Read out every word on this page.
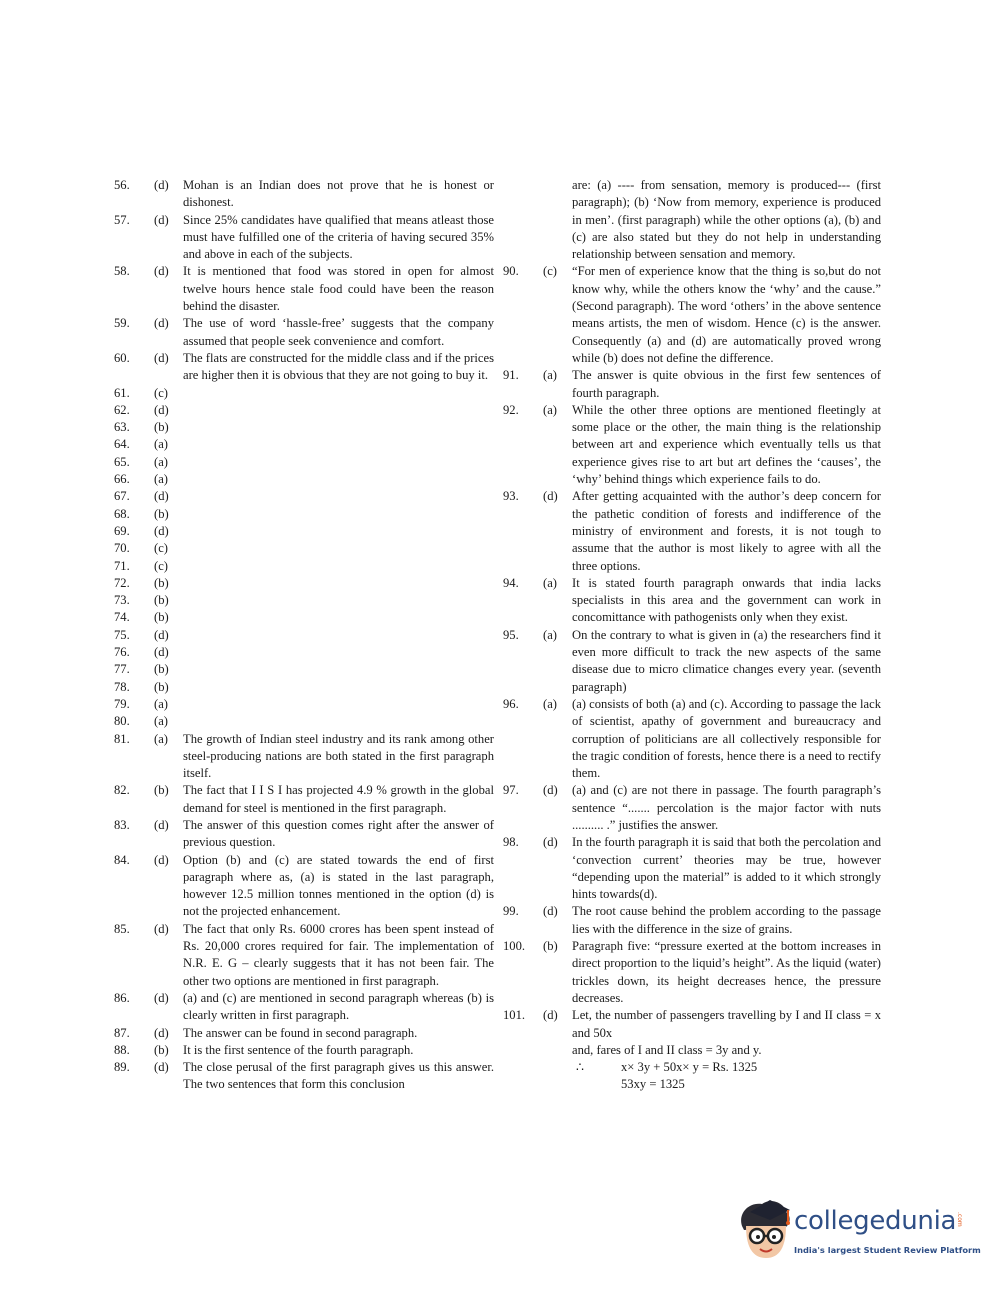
56.	(d)	Mohan is an Indian does not prove that he is honest or dishonest.
57.	(d)	Since 25% candidates have qualified that means atleast those must have fulfilled one of the criteria of having secured 35% and above in each of the subjects.
58.	(d)	It is mentioned that food was stored in open for almost twelve hours hence stale food could have been the reason behind the disaster.
59.	(d)	The use of word ‘hassle-free’ suggests that the company assumed that people seek convenience and comfort.
60.	(d)	The flats are constructed for the middle class and if the prices are higher then it is obvious that they are not going to buy it.
61.	(c)
62.	(d)
63.	(b)
64.	(a)
65.	(a)
66.	(a)
67.	(d)
68.	(b)
69.	(d)
70.	(c)
71.	(c)
72.	(b)
73.	(b)
74.	(b)
75.	(d)
76.	(d)
77.	(b)
78.	(b)
79.	(a)
80.	(a)
81.	(a)	The growth of Indian steel industry and its rank among other steel-producing nations are both stated in the first paragraph itself.
82.	(b)	The fact that I I S I has projected 4.9 % growth in the global demand for steel is mentioned in the first paragraph.
83.	(d)	The answer of this question comes right after the answer of previous question.
84.	(d)	Option (b) and (c) are stated towards the end of first paragraph where as, (a) is stated in the last paragraph, however 12.5 million tonnes mentioned in the option (d) is not the projected enhancement.
85.	(d)	The fact that only Rs. 6000 crores has been spent instead of Rs. 20,000 crores required for fair. The implementation of N.R. E. G – clearly suggests that it has not been fair. The other two options are mentioned in first paragraph.
86.	(d)	(a) and (c) are mentioned in second paragraph whereas (b) is clearly written in first paragraph.
87.	(d)	The answer can be found in second paragraph.
88.	(b)	It is the first sentence of the fourth paragraph.
89.	(d)	The close perusal of the first paragraph gives us this answer. The two sentences that form this conclusion
are: (a) ---- from sensation, memory is produced--- (first paragraph); (b) ‘Now from memory, experience is produced in men’. (first paragraph) while the other options (a), (b) and (c) are also stated but they do not help in understanding relationship between sensation and memory.
90.	(c)	“For men of experience know that the thing is so,but do not know why, while the others know the ‘why’ and the cause.” (Second paragraph). The word ‘others’ in the above sentence means artists, the men of wisdom. Hence (c) is the answer. Consequently (a) and (d) are automatically proved wrong while (b) does not define the difference.
91.	(a)	The answer is quite obvious in the first few sentences of fourth paragraph.
92.	(a)	While the other three options are mentioned fleetingly at some place or the other, the main thing is the relationship between art and experience which eventually tells us that experience gives rise to art but art defines the ‘causes’, the ‘why’ behind things which experience fails to do.
93.	(d)	After getting acquainted with the author’s deep concern for the pathetic condition of forests and indifference of the ministry of environment and forests, it is not tough to assume that the author is most likely to agree with all the three options.
94.	(a)	It is stated fourth paragraph onwards that india lacks specialists in this area and the government can work in concomittance with pathogenists only when they exist.
95.	(a)	On the contrary to what is given in (a) the researchers find it even more difficult to track the new aspects of the same disease due to micro climatice changes every year. (seventh paragraph)
96.	(a)	(a) consists of both (a) and (c). According to passage the lack of scientist, apathy of government and bureaucracy and corruption of politicians are all collectively responsible for the tragic condition of forests, hence there is a need to rectify them.
97.	(d)	(a) and (c) are not there in passage. The fourth paragraph’s sentence “....... percolation is the major factor with nuts .......... .” justifies the answer.
98.	(d)	In the fourth paragraph it is said that both the percolation and ‘convection current’ theories may be true, however “depending upon the material” is added to it which strongly hints towards(d).
99.	(d)	The root cause behind the problem according to the passage lies with the difference in the size of grains.
100.	(b)	Paragraph five: “pressure exerted at the bottom increases in direct proportion to the liquid’s height”. As the liquid (water) trickles down, its height decreases hence, the pressure decreases.
101.	(d)	Let, the number of passengers travelling by I and II class = x and 50x
and, fares of I and II class = 3y and y.
∴	x× 3y + 50x× y = Rs. 1325
53xy = 1325
collegedunia .com
India's largest Student Review Platform
